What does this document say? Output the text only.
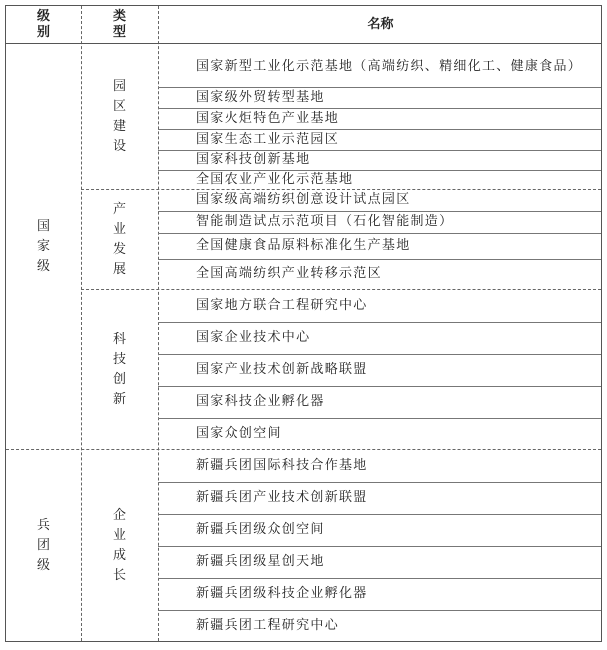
级
别
类
型
名称
国
家
级
兵
团
级
园
区
建
设
产
业
发
展
科
技
创
新
企
业
成
长
国家新型工业化示范基地（高端纺织、精细化工、健康食品）
国家级外贸转型基地
国家火炬特色产业基地
国家生态工业示范园区
国家科技创新基地
全国农业产业化示范基地
国家级高端纺织创意设计试点园区
智能制造试点示范项目（石化智能制造）
全国健康食品原料标准化生产基地
全国高端纺织产业转移示范区
国家地方联合工程研究中心
国家企业技术中心
国家产业技术创新战略联盟
国家科技企业孵化器
国家众创空间
新疆兵团国际科技合作基地
新疆兵团产业技术创新联盟
新疆兵团级众创空间
新疆兵团级星创天地
新疆兵团级科技企业孵化器
新疆兵团工程研究中心
